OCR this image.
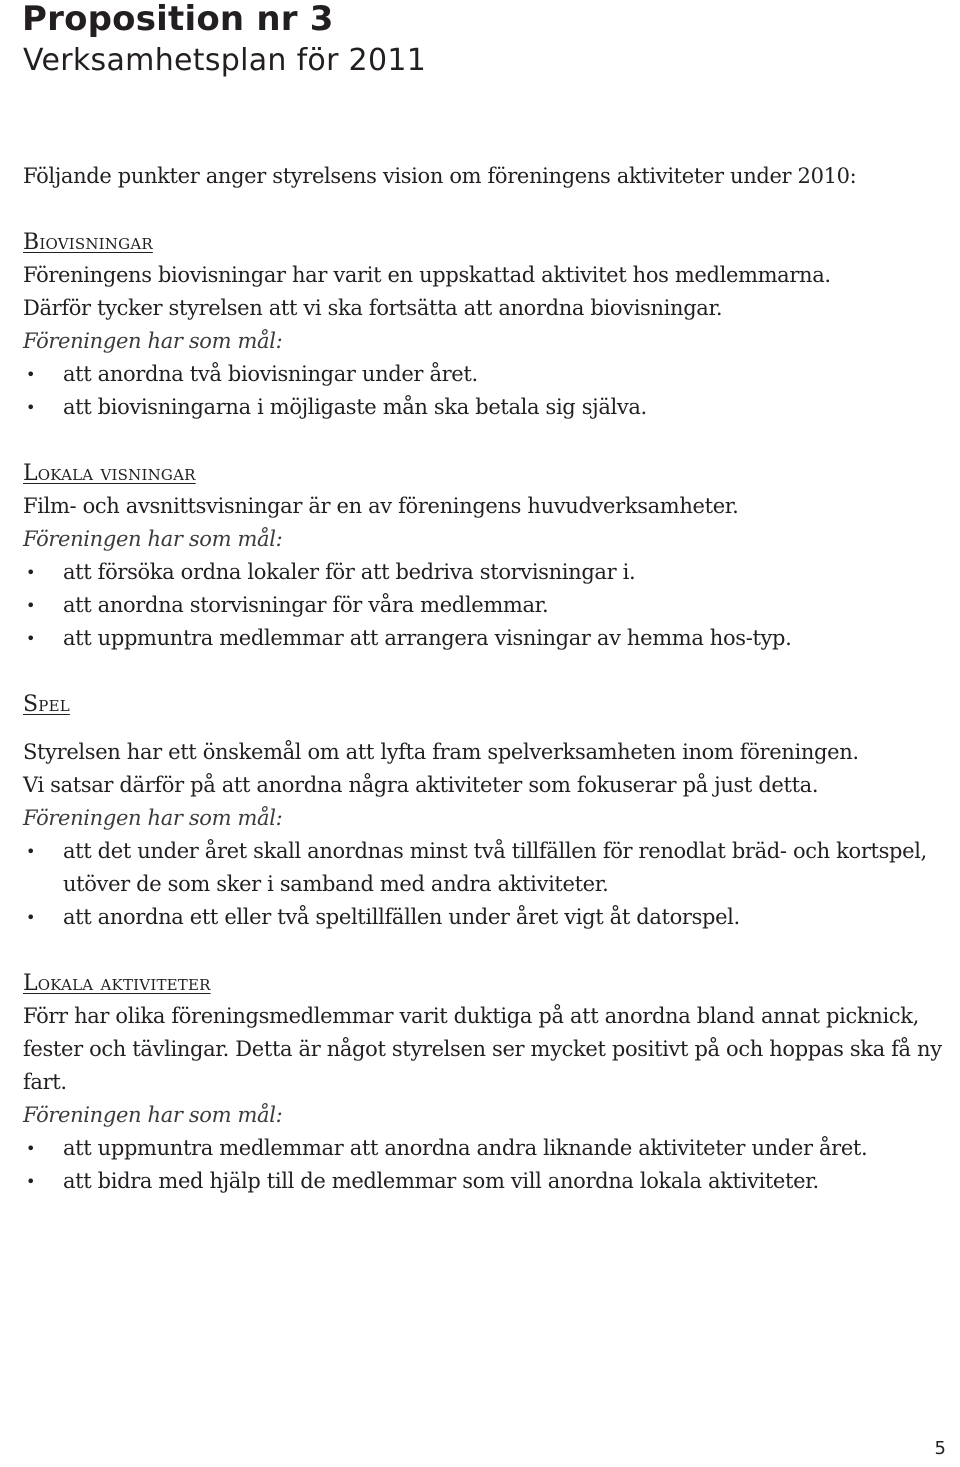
Proposition nr 3
Verksamhetsplan för 2011

Följande punkter anger styrelsens vision om föreningens aktiviteter under 2010:

Biovisningar

Föreningens biovisningar har varit en uppskattad aktivitet hos medlemmarna.

Därför tycker styrelsen att vi ska fortsätta att anordna biovisningar.

Föreningen har som mål:

• att anordna två biovisningar under året.
• att biovisningarna i möjligaste mån ska betala sig själva.

Lokala visningar

Film- och avsnittsvisningar är en av föreningens huvudverksamheter.

Föreningen har som mål:

• att försöka ordna lokaler för att bedriva storvisningar i.
• att anordna storvisningar för våra medlemmar.
• att uppmuntra medlemmar att arrangera visningar av hemma hos-typ.

Spel

Styrelsen har ett önskemål om att lyfta fram spelverksamheten inom föreningen.

Vi satsar därför på att anordna några aktiviteter som fokuserar på just detta.

Föreningen har som mål:

• att det under året skall anordnas minst två tillfällen för renodlat bräd- och kortspel, utöver de som sker i samband med andra aktiviteter.
• att anordna ett eller två speltillfällen under året vigt åt datorspel.

Lokala aktiviteter

Förr har olika föreningsmedlemmar varit duktiga på att anordna bland annat picknick, fester och tävlingar. Detta är något styrelsen ser mycket positivt på och hoppas ska få ny fart.

Föreningen har som mål:

• att uppmuntra medlemmar att anordna andra liknande aktiviteter under året.
• att bidra med hjälp till de medlemmar som vill anordna lokala aktiviteter.
5
